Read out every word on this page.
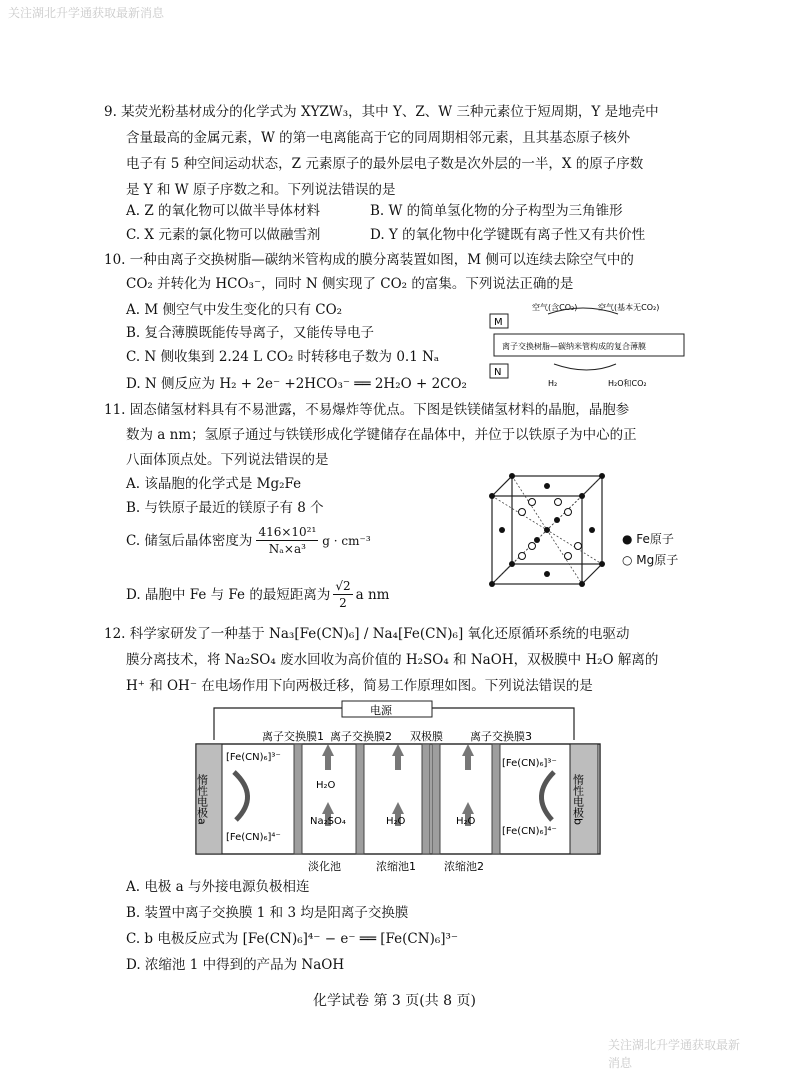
关注湖北升学通获取最新消息
9. 某荧光粉基材成分的化学式为 XYZW₃，其中 Y、Z、W 三种元素位于短周期，Y 是地壳中
含量最高的金属元素，W 的第一电离能高于它的同周期相邻元素，且其基态原子核外
电子有 5 种空间运动状态，Z 元素原子的最外层电子数是次外层的一半，X 的原子序数
是 Y 和 W 原子序数之和。下列说法错误的是
A. Z 的氧化物可以做半导体材料	B. W 的简单氢化物的分子构型为三角锥形
C. X 元素的氯化物可以做融雪剂	D. Y 的氧化物中化学键既有离子性又有共价性
10. 一种由离子交换树脂—碳纳米管构成的膜分离装置如图，M 侧可以连续去除空气中的
CO₂ 并转化为 HCO₃⁻，同时 N 侧实现了 CO₂ 的富集。下列说法正确的是
A. M 侧空气中发生变化的只有 CO₂
B. 复合薄膜既能传导离子，又能传导电子
C. N 侧收集到 2.24 L CO₂ 时转移电子数为 0.1 Nₐ
D. N 侧反应为 H₂ + 2e⁻ +2HCO₃⁻ ══ 2H₂O + 2CO₂
M
空气(含CO₂)	空气(基本无CO₂)
离子交换树脂—碳纳米管构成的复合薄膜
N
H₂	H₂O和CO₂
11. 固态储氢材料具有不易泄露，不易爆炸等优点。下图是铁镁储氢材料的晶胞，晶胞参
数为 a nm；氢原子通过与铁镁形成化学键储存在晶体中，并位于以铁原子为中心的正
八面体顶点处。下列说法错误的是
A. 该晶胞的化学式是 Mg₂Fe
B. 与铁原子最近的镁原子有 8 个
C. 储氢后晶体密度为 $\frac{\text{416×10²¹}}{\text{Nₐ×a³}}$ g · cm⁻³
D. 晶胞中 Fe 与 Fe 的最短距离为 $\frac{√2}{2}$ a nm
● Fe原子
○ Mg原子
12. 科学家研发了一种基于 Na₃[Fe(CN)₆] / Na₄[Fe(CN)₆] 氧化还原循环系统的电驱动
膜分离技术，将 Na₂SO₄ 废水回收为高价值的 H₂SO₄ 和 NaOH，双极膜中 H₂O 解离的
H⁺ 和 OH⁻ 在电场作用下向两极迁移，简易工作原理如图。下列说法错误的是
电源
惰性电极a	惰性电极b
离子交换膜1 离子交换膜2 双极膜 离子交换膜3
[Fe(CN)₆]³⁻
[Fe(CN)₆]⁴⁻
[Fe(CN)₆]³⁻
[Fe(CN)₆]⁴⁻
H₂O
Na₂SO₄	H₂O	H₂O
淡化池	浓缩池1	浓缩池2
A. 电极 a 与外接电源负极相连
B. 装置中离子交换膜 1 和 3 均是阳离子交换膜
C. b 电极反应式为 [Fe(CN)₆]⁴⁻ − e⁻ ══ [Fe(CN)₆]³⁻
D. 浓缩池 1 中得到的产品为 NaOH
化学试卷 第 3 页(共 8 页)
关注湖北升学通获取最新
消息
